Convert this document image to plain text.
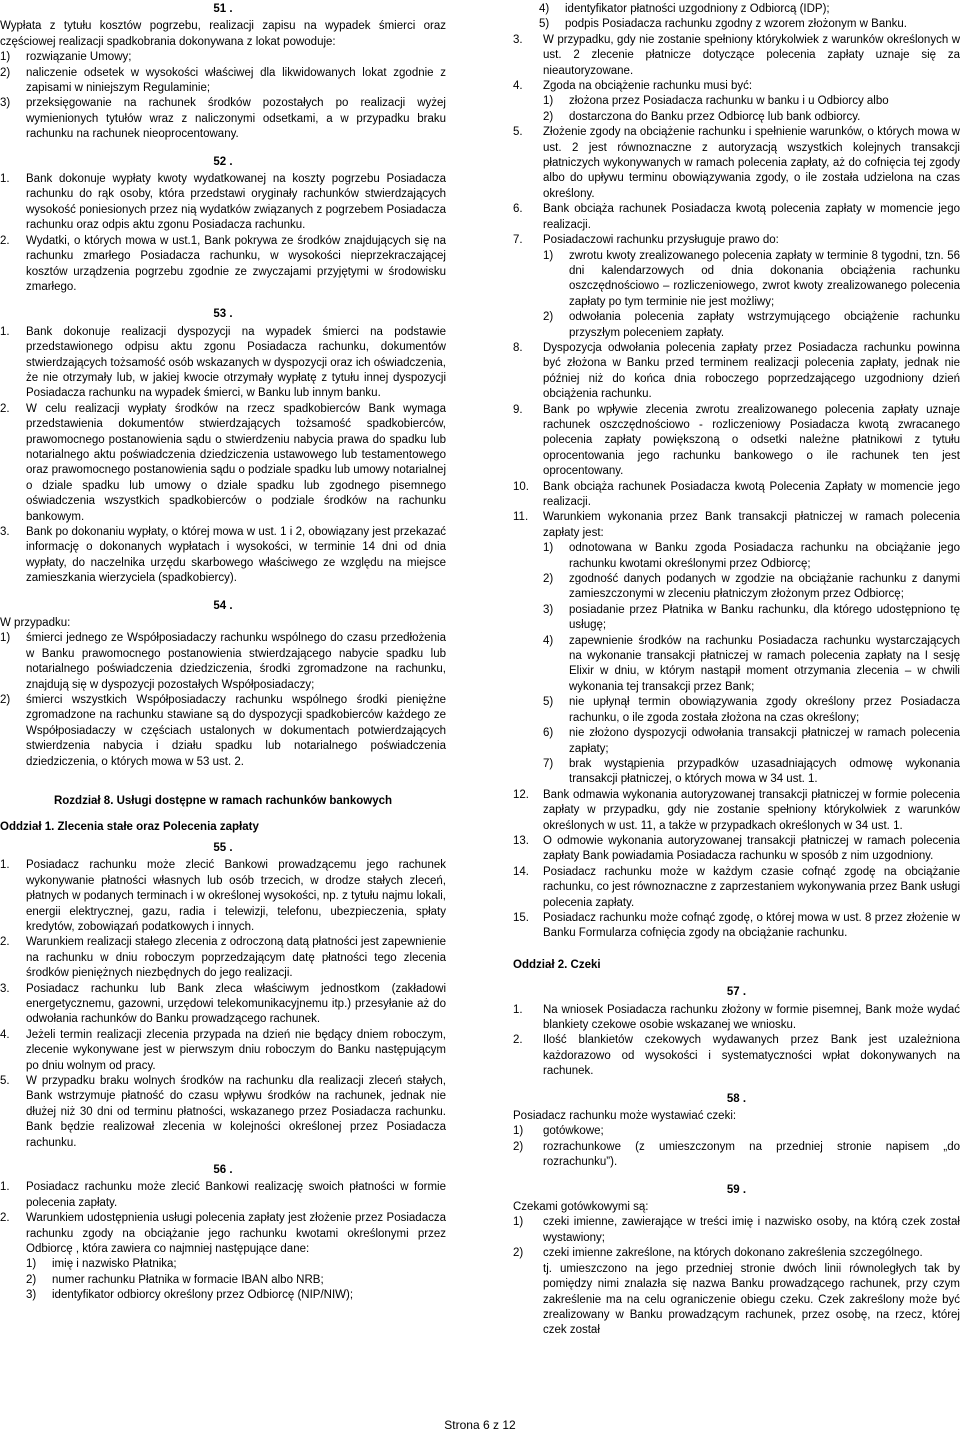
51 .

Wypłata z tytułu kosztów pogrzebu, realizacji zapisu na wypadek śmierci oraz częściowej realizacji spadkobrania dokonywana z lokat powoduje:

1)	rozwiązanie Umowy;
2)	naliczenie odsetek w wysokości właściwej dla likwidowanych lokat zgodnie z zapisami w niniejszym Regulaminie;
3)	przeksięgowanie na rachunek środków pozostałych po realizacji wyżej wymienionych tytułów wraz z naliczonymi odsetkami, a w przypadku braku rachunku na rachunek nieoprocentowany.
52 .
1.	Bank dokonuje wypłaty kwoty wydatkowanej na koszty pogrzebu Posiadacza rachunku do rąk osoby, która przedstawi oryginały rachunków stwierdzających wysokość poniesionych przez nią wydatków związanych z pogrzebem Posiadacza rachunku oraz odpis aktu zgonu Posiadacza rachunku.
2.	Wydatki, o których mowa w ust.1, Bank pokrywa ze środków znajdujących się na rachunku zmarłego Posiadacza rachunku, w wysokości nieprzekraczającej kosztów urządzenia pogrzebu zgodnie ze zwyczajami przyjętymi w środowisku zmarłego.
53 .
1.	Bank dokonuje realizacji dyspozycji na wypadek śmierci na podstawie przedstawionego odpisu aktu zgonu Posiadacza rachunku, dokumentów stwierdzających tożsamość osób wskazanych w dyspozycji oraz ich oświadczenia, że nie otrzymały lub, w jakiej kwocie otrzymały wypłatę z tytułu innej dyspozycji Posiadacza rachunku na wypadek śmierci, w Banku lub innym banku.
2.	W celu realizacji wypłaty środków na rzecz spadkobierców Bank wymaga przedstawienia dokumentów stwierdzających tożsamość spadkobierców, prawomocnego postanowienia sądu o stwierdzeniu nabycia prawa do spadku lub notarialnego aktu poświadczenia dziedziczenia ustawowego lub testamentowego oraz prawomocnego postanowienia sądu o podziale spadku lub umowy notarialnej o dziale spadku lub umowy o dziale spadku lub zgodnego pisemnego oświadczenia wszystkich spadkobierców o podziale środków na rachunku bankowym.
3.	Bank po dokonaniu wypłaty, o której mowa w ust. 1 i 2, obowiązany jest przekazać informację o dokonanych wypłatach i wysokości, w terminie 14 dni od dnia wypłaty, do naczelnika urzędu skarbowego właściwego ze względu na miejsce zamieszkania wierzyciela (spadkobiercy).
54 .

W przypadku:

1)	śmierci jednego ze Współposiadaczy rachunku wspólnego do czasu przedłożenia w Banku prawomocnego postanowienia stwierdzającego nabycie spadku lub notarialnego poświadczenia dziedziczenia, środki zgromadzone na rachunku, znajdują się w dyspozycji pozostałych Współposiadaczy;
2)	śmierci wszystkich Współposiadaczy rachunku wspólnego środki pieniężne zgromadzone na rachunku stawiane są do dyspozycji spadkobierców każdego ze Współposiadaczy w częściach ustalonych w dokumentach potwierdzających stwierdzenia nabycia i działu spadku lub notarialnego poświadczenia dziedziczenia, o których mowa w 53 ust. 2.
Rozdział 8. Usługi dostępne w ramach rachunków bankowych
Oddział 1. Zlecenia stałe oraz Polecenia zapłaty
55 .
1.	Posiadacz rachunku może zlecić Bankowi prowadzącemu jego rachunek wykonywanie płatności własnych lub osób trzecich, w drodze stałych zleceń, płatnych w podanych terminach i w określonej wysokości, np. z tytułu najmu lokali, energii elektrycznej, gazu, radia i telewizji, telefonu, ubezpieczenia, spłaty kredytów, zobowiązań podatkowych i innych.
2.	Warunkiem realizacji stałego zlecenia z odroczoną datą płatności jest zapewnienie na rachunku w dniu roboczym poprzedzającym datę płatności tego zlecenia środków pieniężnych niezbędnych do jego realizacji.
3.	Posiadacz rachunku lub Bank zleca właściwym jednostkom (zakładowi energetycznemu, gazowni, urzędowi telekomunikacyjnemu itp.) przesyłanie aż do odwołania rachunków do Banku prowadzącego rachunek.
4.	Jeżeli termin realizacji zlecenia przypada na dzień nie będący dniem roboczym, zlecenie wykonywane jest w pierwszym dniu roboczym do Banku następującym po dniu wolnym od pracy.
5.	W przypadku braku wolnych środków na rachunku dla realizacji zleceń stałych, Bank wstrzymuje płatność do czasu wpływu środków na rachunek, jednak nie dłużej niż 30 dni od terminu płatności, wskazanego przez Posiadacza rachunku. Bank będzie realizował zlecenia w kolejności określonej przez Posiadacza rachunku.
56 .
1.	Posiadacz rachunku może zlecić Bankowi realizację swoich płatności w formie polecenia zapłaty.
2.	Warunkiem udostępnienia usługi polecenia zapłaty jest złożenie przez Posiadacza rachunku zgody na obciążanie jego rachunku kwotami określonymi przez Odbiorcę , która zawiera co najmniej następujące dane:
1)	imię i nazwisko Płatnika;
2)	numer rachunku Płatnika w formacie IBAN albo NRB;
3)	identyfikator odbiorcy określony przez Odbiorcę (NIP/NIW);
4)	identyfikator płatności uzgodniony z Odbiorcą (IDP);
5)	podpis Posiadacza rachunku zgodny z wzorem złożonym w Banku.
3.	W przypadku, gdy nie zostanie spełniony którykolwiek z warunków określonych w ust. 2 zlecenie płatnicze dotyczące polecenia zapłaty uznaje się za nieautoryzowane.
4.	Zgoda na obciążenie rachunku musi być:
1)	złożona przez Posiadacza rachunku w banku i u Odbiorcy albo
2)	dostarczona do Banku przez Odbiorcę lub bank odbiorcy.
5.	Złożenie zgody na obciążenie rachunku i spełnienie warunków, o których mowa w ust. 2 jest równoznaczne z autoryzacją wszystkich kolejnych transakcji płatniczych wykonywanych w ramach polecenia zapłaty, aż do cofnięcia tej zgody albo do upływu terminu obowiązywania zgody, o ile została udzielona na czas określony.
6.	Bank obciąża rachunek Posiadacza kwotą polecenia zapłaty w momencie jego realizacji.
7.	Posiadaczowi rachunku przysługuje prawo do:
1)	zwrotu kwoty zrealizowanego polecenia zapłaty w terminie 8 tygodni, tzn. 56 dni kalendarzowych od dnia dokonania obciążenia rachunku oszczędnościowo – rozliczeniowego, zwrot kwoty zrealizowanego polecenia zapłaty po tym terminie nie jest możliwy;
2)	odwołania polecenia zapłaty wstrzymującego obciążenie rachunku przyszłym poleceniem zapłaty.
8.	Dyspozycja odwołania polecenia zapłaty przez Posiadacza rachunku powinna być złożona w Banku przed terminem realizacji polecenia zapłaty, jednak nie później niż do końca dnia roboczego poprzedzającego uzgodniony dzień obciążenia rachunku.
9.	Bank po wpływie zlecenia zwrotu zrealizowanego polecenia zapłaty uznaje rachunek oszczędnościowo - rozliczeniowy Posiadacza kwotą zwracanego polecenia zapłaty powiększoną o odsetki należne płatnikowi z tytułu oprocentowania jego rachunku bankowego o ile rachunek ten jest oprocentowany.
10.	Bank obciąża rachunek Posiadacza kwotą Polecenia Zapłaty w momencie jego realizacji.
11.	Warunkiem wykonania przez Bank transakcji płatniczej w ramach polecenia zapłaty jest:
1)	odnotowana w Banku zgoda Posiadacza rachunku na obciążanie jego rachunku kwotami określonymi przez Odbiorcę;
2)	zgodność danych podanych w zgodzie na obciążanie rachunku z danymi zamieszczonymi w zleceniu płatniczym złożonym przez Odbiorcę;
3)	posiadanie przez Płatnika w Banku rachunku, dla którego udostępniono tę usługę;
4)	zapewnienie środków na rachunku Posiadacza rachunku wystarczających na wykonanie transakcji płatniczej w ramach polecenia zapłaty na I sesję Elixir w dniu, w którym nastąpił moment otrzymania zlecenia – w chwili wykonania tej transakcji przez Bank;
5)	nie upłynął termin obowiązywania zgody określony przez Posiadacza rachunku, o ile zgoda została złożona na czas określony;
6)	nie złożono dyspozycji odwołania transakcji płatniczej w ramach polecenia zapłaty;
7)	brak wystąpienia przypadków uzasadniających odmowę wykonania transakcji płatniczej, o których mowa w 34 ust. 1.
12.	Bank odmawia wykonania autoryzowanej transakcji płatniczej w formie polecenia zapłaty w przypadku, gdy nie zostanie spełniony którykolwiek z warunków określonych w ust. 11, a także w przypadkach określonych w 34 ust. 1.
13.	O odmowie wykonania autoryzowanej transakcji płatniczej w ramach polecenia zapłaty Bank powiadamia Posiadacza rachunku w sposób z nim uzgodniony.
14.	Posiadacz rachunku może w każdym czasie cofnąć zgodę na obciążanie rachunku, co jest równoznaczne z zaprzestaniem wykonywania przez Bank usługi polecenia zapłaty.
15.	Posiadacz rachunku może cofnąć zgodę, o której mowa w ust. 8 przez złożenie w Banku Formularza cofnięcia zgody na obciążanie rachunku.
Oddział 2. Czeki
57 .
1.	Na wniosek Posiadacza rachunku złożony w formie pisemnej, Bank może wydać blankiety czekowe osobie wskazanej we wniosku.
2.	Ilość blankietów czekowych wydawanych przez Bank jest uzależniona każdorazowo od wysokości i systematyczności wpłat dokonywanych na rachunek.
58 .

Posiadacz rachunku może wystawiać czeki:

1)	gotówkowe;
2)	rozrachunkowe (z umieszczonym na przedniej stronie napisem „do rozrachunku”).
59 .

Czekami gotówkowymi są:

1)	czeki imienne, zawierające w treści imię i nazwisko osoby, na którą czek został wystawiony;
2)	czeki imienne zakreślone, na których dokonano zakreślenia szczególnego.

tj. umieszczono na jego przedniej stronie dwóch linii równoległych tak by pomiędzy nimi znalazła się nazwa Banku prowadzącego rachunek, przy czym zakreślenie ma na celu ograniczenie obiegu czeku. Czek zakreślony może być zrealizowany w Banku prowadzącym rachunek, przez osobę, na rzecz, której czek został

Strona 6 z 12
